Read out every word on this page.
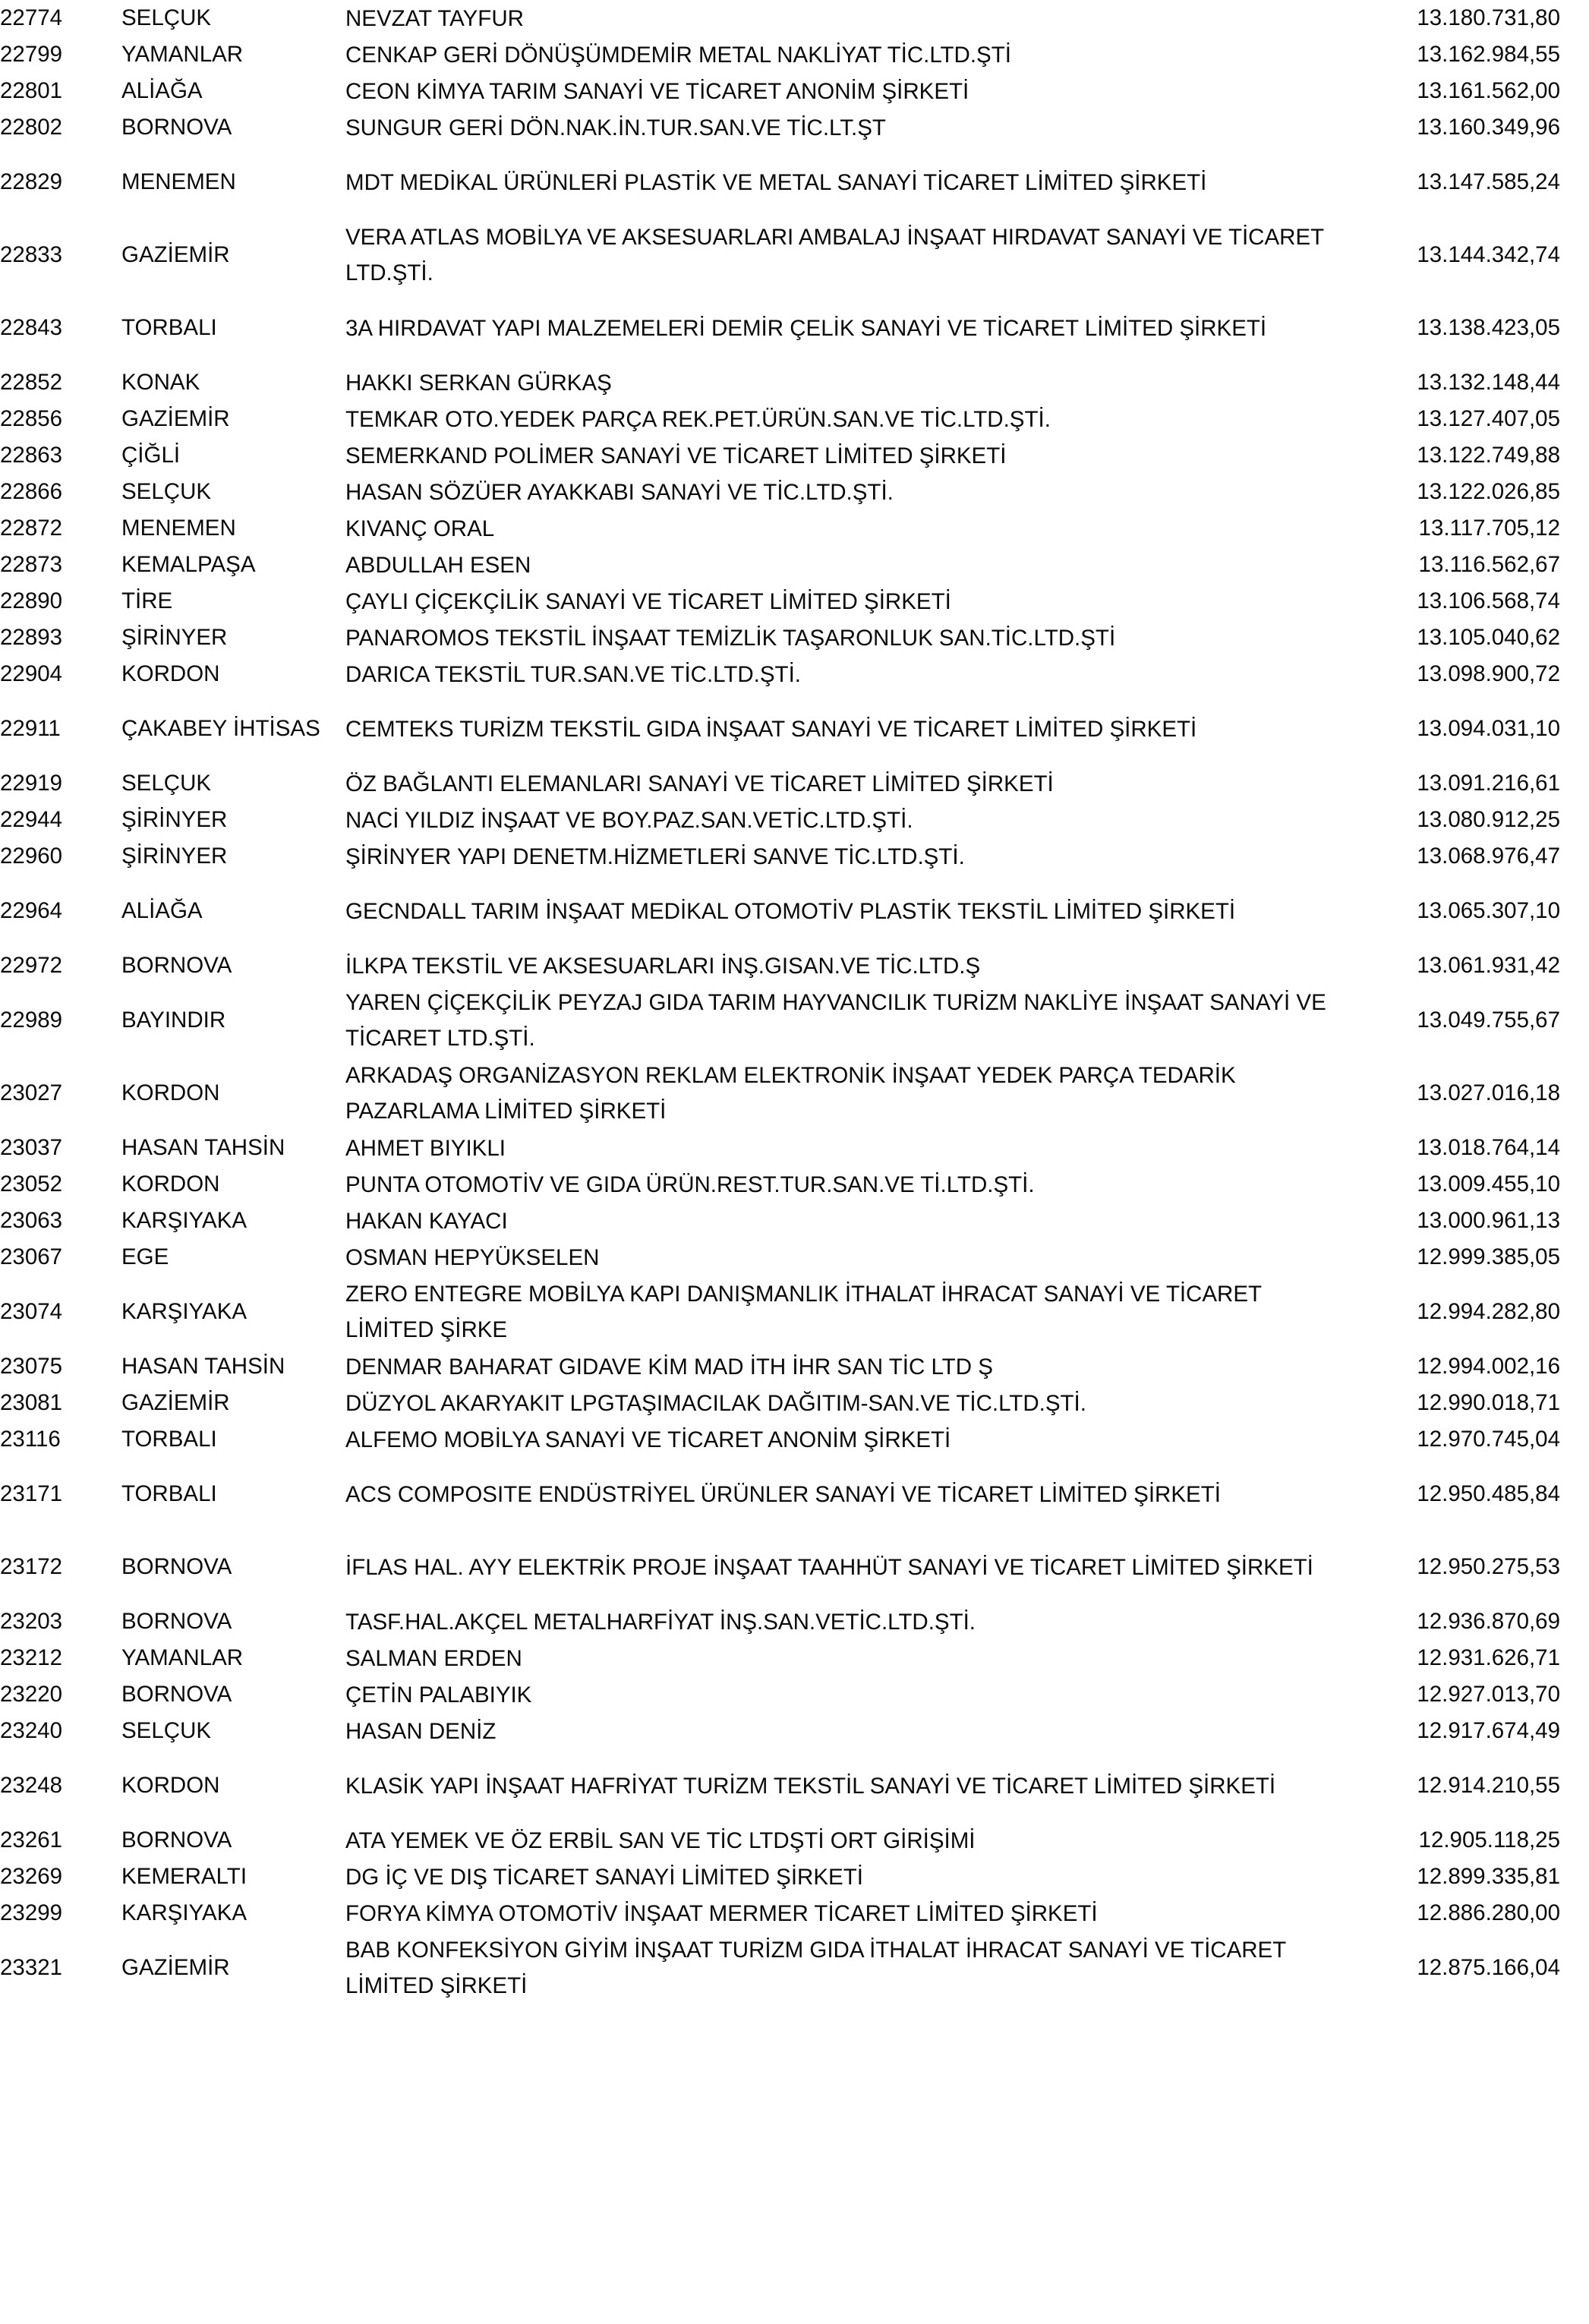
22774		SELÇUK		NEVZAT TAYFUR	13.180.731,80	
22799		YAMANLAR		CENKAP GERİ DÖNÜŞÜMDEMİR METAL NAKLİYAT TİC.LTD.ŞTİ	13.162.984,55	
22801		ALİAĞA		CEON KİMYA TARIM SANAYİ VE TİCARET ANONİM ŞİRKETİ	13.161.562,00	
22802		BORNOVA		SUNGUR GERİ DÖN.NAK.İN.TUR.SAN.VE TİC.LT.ŞT	13.160.349,96	
22829		MENEMEN		MDT MEDİKAL ÜRÜNLERİ PLASTİK VE METAL SANAYİ TİCARET LİMİTED ŞİRKETİ	13.147.585,24	
22833		GAZİEMİR		VERA ATLAS MOBİLYA VE AKSESUARLARI AMBALAJ İNŞAAT HIRDAVAT SANAYİ VE TİCARET LTD.ŞTİ.	13.144.342,74	
22843		TORBALI		3A HIRDAVAT YAPI MALZEMELERİ DEMİR ÇELİK SANAYİ VE TİCARET LİMİTED ŞİRKETİ	13.138.423,05	
22852		KONAK		HAKKI SERKAN GÜRKAŞ	13.132.148,44	
22856		GAZİEMİR		TEMKAR OTO.YEDEK PARÇA REK.PET.ÜRÜN.SAN.VE TİC.LTD.ŞTİ.	13.127.407,05	
22863		ÇİĞLİ		SEMERKAND POLİMER SANAYİ VE TİCARET LİMİTED ŞİRKETİ	13.122.749,88	
22866		SELÇUK		HASAN SÖZÜER AYAKKABI SANAYİ VE TİC.LTD.ŞTİ.	13.122.026,85	
22872		MENEMEN		KIVANÇ ORAL	13.117.705,12	
22873		KEMALPAŞA		ABDULLAH ESEN	13.116.562,67	
22890		TİRE		ÇAYLI ÇİÇEKÇİLİK SANAYİ VE TİCARET LİMİTED ŞİRKETİ	13.106.568,74	
22893		ŞİRİNYER		PANAROMOS TEKSTİL İNŞAAT TEMİZLİK TAŞARONLUK SAN.TİC.LTD.ŞTİ	13.105.040,62	
22904		KORDON		DARICA TEKSTİL TUR.SAN.VE TİC.LTD.ŞTİ.	13.098.900,72	
22911		ÇAKABEY İHTİSAS		CEMTEKS TURİZM TEKSTİL GIDA İNŞAAT SANAYİ VE TİCARET LİMİTED ŞİRKETİ	13.094.031,10	
22919		SELÇUK		ÖZ BAĞLANTI ELEMANLARI SANAYİ VE TİCARET LİMİTED ŞİRKETİ	13.091.216,61	
22944		ŞİRİNYER		NACİ YILDIZ İNŞAAT VE BOY.PAZ.SAN.VETİC.LTD.ŞTİ.	13.080.912,25	
22960		ŞİRİNYER		ŞİRİNYER YAPI DENETM.HİZMETLERİ SANVE TİC.LTD.ŞTİ.	13.068.976,47	
22964		ALİAĞA		GECNDALL TARIM İNŞAAT MEDİKAL OTOMOTİV PLASTİK TEKSTİL LİMİTED ŞİRKETİ	13.065.307,10	
22972		BORNOVA		İLKPA TEKSTİL VE AKSESUARLARI İNŞ.GISAN.VE TİC.LTD.Ş	13.061.931,42	
22989		BAYINDIR		YAREN ÇİÇEKÇİLİK PEYZAJ GIDA TARIM HAYVANCILIK TURİZM NAKLİYE İNŞAAT SANAYİ VE TİCARET LTD.ŞTİ.	13.049.755,67	
23027		KORDON		ARKADAŞ ORGANİZASYON REKLAM ELEKTRONİK İNŞAAT YEDEK PARÇA TEDARİK PAZARLAMA LİMİTED ŞİRKETİ	13.027.016,18	
23037		HASAN TAHSİN		AHMET BIYIKLI	13.018.764,14	
23052		KORDON		PUNTA OTOMOTİV VE GIDA ÜRÜN.REST.TUR.SAN.VE Tİ.LTD.ŞTİ.	13.009.455,10	
23063		KARŞIYAKA		HAKAN KAYACI	13.000.961,13	
23067		EGE		OSMAN HEPYÜKSELEN	12.999.385,05	
23074		KARŞIYAKA		ZERO ENTEGRE MOBİLYA KAPI DANIŞMANLIK İTHALAT İHRACAT SANAYİ VE TİCARET LİMİTED ŞİRKE	12.994.282,80	
23075		HASAN TAHSİN		DENMAR BAHARAT GIDAVE KİM MAD İTH İHR SAN TİC LTD Ş	12.994.002,16	
23081		GAZİEMİR		DÜZYOL AKARYAKIT LPGTAŞIMACILAK DAĞITIM-SAN.VE TİC.LTD.ŞTİ.	12.990.018,71	
23116		TORBALI		ALFEMO MOBİLYA SANAYİ VE TİCARET ANONİM ŞİRKETİ	12.970.745,04	
23171		TORBALI		ACS COMPOSITE ENDÜSTRİYEL ÜRÜNLER SANAYİ VE TİCARET LİMİTED ŞİRKETİ	12.950.485,84	
23172		BORNOVA		İFLAS HAL. AYY ELEKTRİK PROJE İNŞAAT TAAHHÜT SANAYİ VE TİCARET LİMİTED ŞİRKETİ	12.950.275,53	
23203		BORNOVA		TASF.HAL.AKÇEL METALHARFİYAT İNŞ.SAN.VETİC.LTD.ŞTİ.	12.936.870,69	
23212		YAMANLAR		SALMAN ERDEN	12.931.626,71	
23220		BORNOVA		ÇETİN PALABIYIK	12.927.013,70	
23240		SELÇUK		HASAN DENİZ	12.917.674,49	
23248		KORDON		KLASİK YAPI İNŞAAT HAFRİYAT TURİZM TEKSTİL SANAYİ VE TİCARET LİMİTED ŞİRKETİ	12.914.210,55	
23261		BORNOVA		ATA YEMEK VE ÖZ ERBİL SAN VE TİC LTDŞTİ ORT GİRİŞİMİ	12.905.118,25	
23269		KEMERALTI		DG İÇ VE DIŞ TİCARET SANAYİ LİMİTED ŞİRKETİ	12.899.335,81	
23299		KARŞIYAKA		FORYA KİMYA OTOMOTİV İNŞAAT MERMER TİCARET LİMİTED ŞİRKETİ	12.886.280,00	
23321		GAZİEMİR		BAB KONFEKSİYON GİYİM İNŞAAT TURİZM GIDA İTHALAT İHRACAT SANAYİ VE TİCARET LİMİTED ŞİRKETİ	12.875.166,04	
